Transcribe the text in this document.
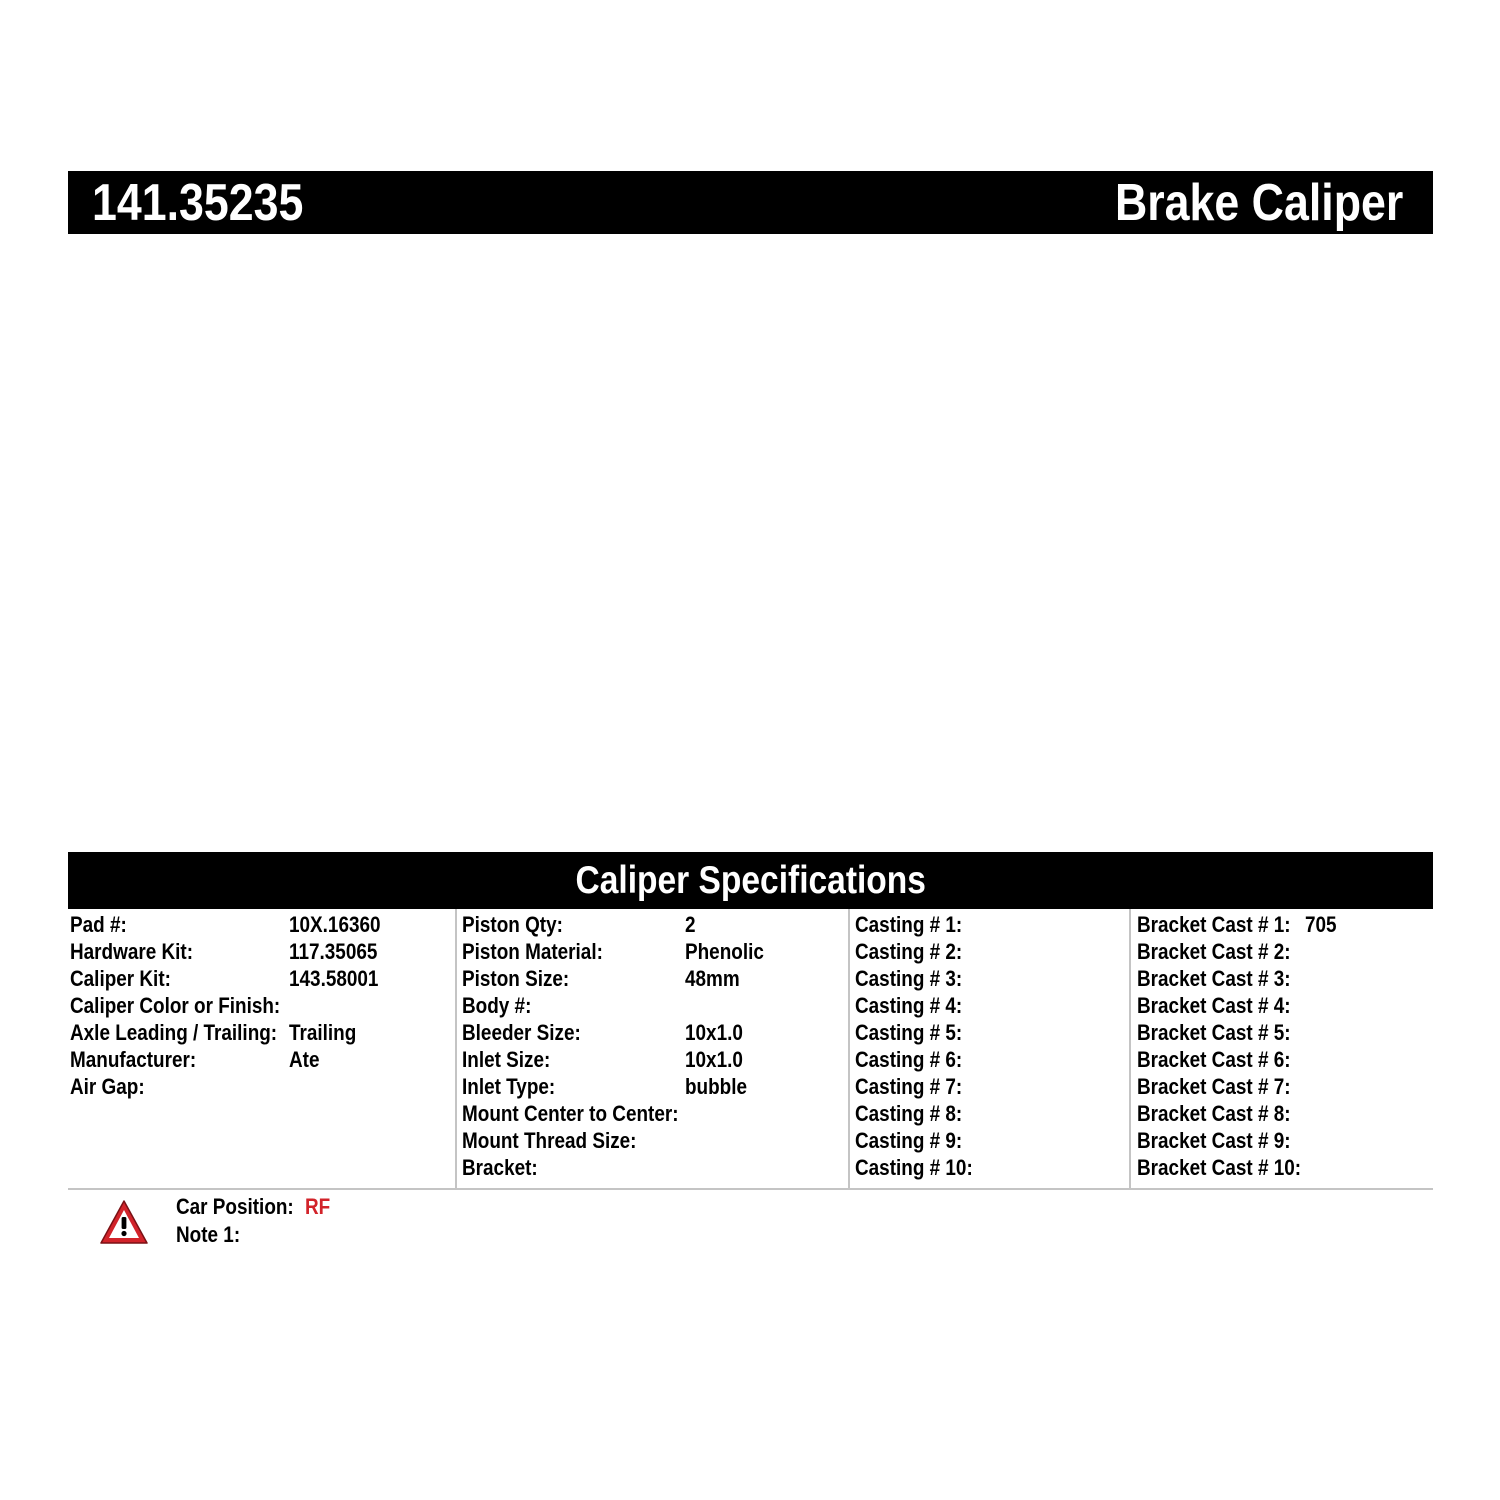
141.35235	Brake Caliper
Caliper Specifications
Pad #:	10X.16360
Hardware Kit:	117.35065
Caliper Kit:	143.58001
Caliper Color or Finish:
Axle Leading / Trailing: Trailing
Manufacturer:	Ate
Air Gap:
Piston Qty:	2
Piston Material:	Phenolic
Piston Size:	48mm
Body #:
Bleeder Size:	10x1.0
Inlet Size:	10x1.0
Inlet Type:	bubble
Mount Center to Center:
Mount Thread Size:
Bracket:
Casting # 1:
Casting # 2:
Casting # 3:
Casting # 4:
Casting # 5:
Casting # 6:
Casting # 7:
Casting # 8:
Casting # 9:
Casting # 10:
Bracket Cast # 1: 705
Bracket Cast # 2:
Bracket Cast # 3:
Bracket Cast # 4:
Bracket Cast # 5:
Bracket Cast # 6:
Bracket Cast # 7:
Bracket Cast # 8:
Bracket Cast # 9:
Bracket Cast # 10:
Car Position: RF
Note 1:
